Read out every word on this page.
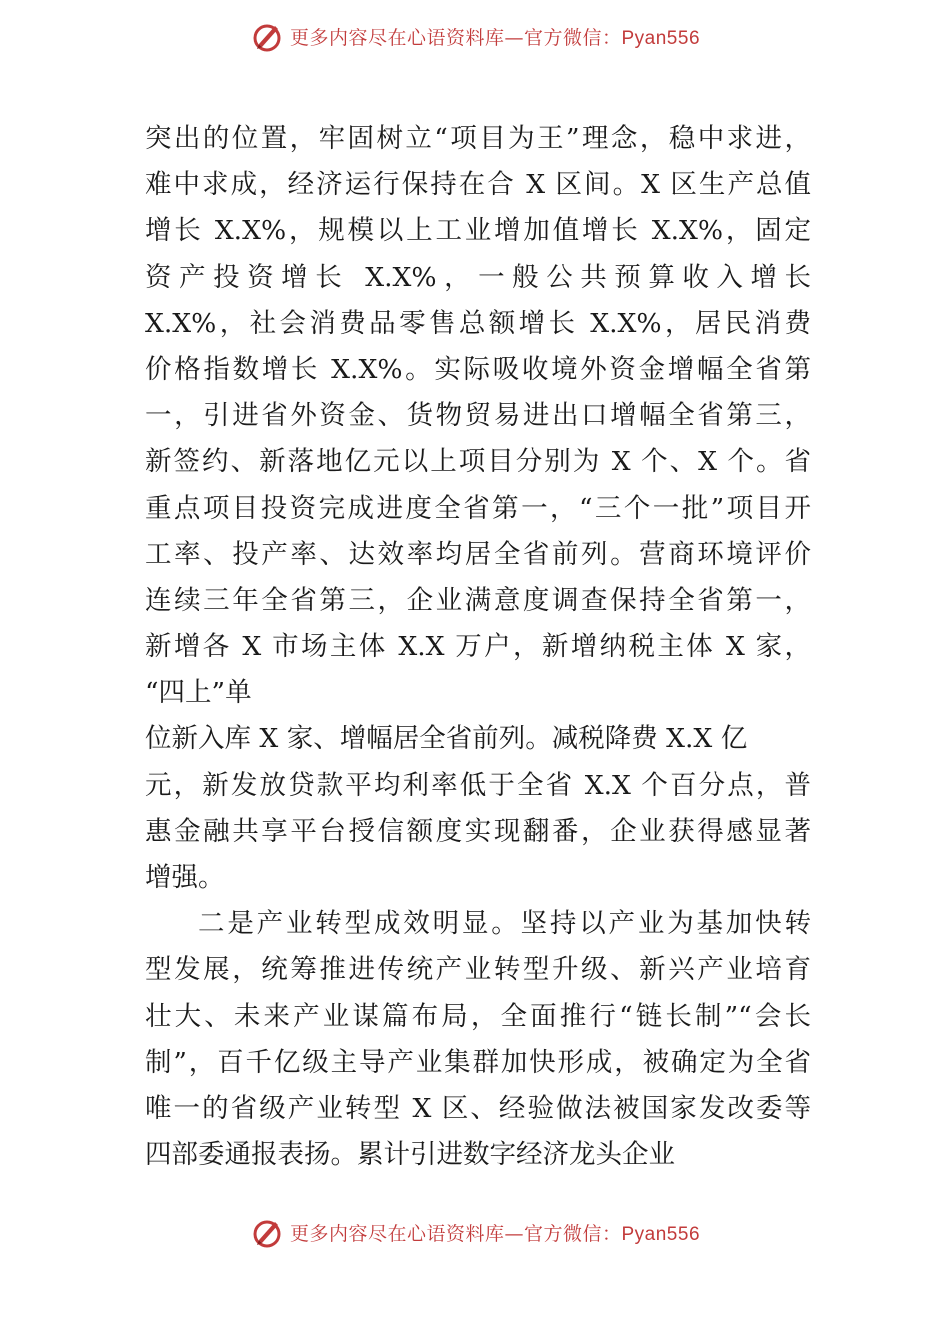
更多内容尽在心语资料库—官方微信：Pyan556
突出的位置，牢固树立“项目为王”理念，稳中求进，
难中求成，经济运行保持在合 X 区间。X 区生产总值
增长 X.X%，规模以上工业增加值增长 X.X%，固定
资产投资增长 X.X%，一般公共预算收入增长
X.X%，社会消费品零售总额增长 X.X%，居民消费
价格指数增长 X.X%。实际吸收境外资金增幅全省第
一，引进省外资金、货物贸易进出口增幅全省第三，
新签约、新落地亿元以上项目分别为 X 个、X 个。省
重点项目投资完成进度全省第一，“三个一批”项目开
工率、投产率、达效率均居全省前列。营商环境评价
连续三年全省第三，企业满意度调查保持全省第一，
新增各 X 市场主体 X.X 万户，新增纳税主体 X 家，
“四上”单
位新入库 X 家、增幅居全省前列。减税降费 X.X 亿
元，新发放贷款平均利率低于全省 X.X 个百分点，普
惠金融共享平台授信额度实现翻番，企业获得感显著
增强。
二是产业转型成效明显。坚持以产业为基加快转
型发展，统筹推进传统产业转型升级、新兴产业培育
壮大、未来产业谋篇布局，全面推行“链长制”“会长
制”，百千亿级主导产业集群加快形成，被确定为全省
唯一的省级产业转型 X 区、经验做法被国家发改委等
四部委通报表扬。累计引进数字经济龙头企业
更多内容尽在心语资料库—官方微信：Pyan556
